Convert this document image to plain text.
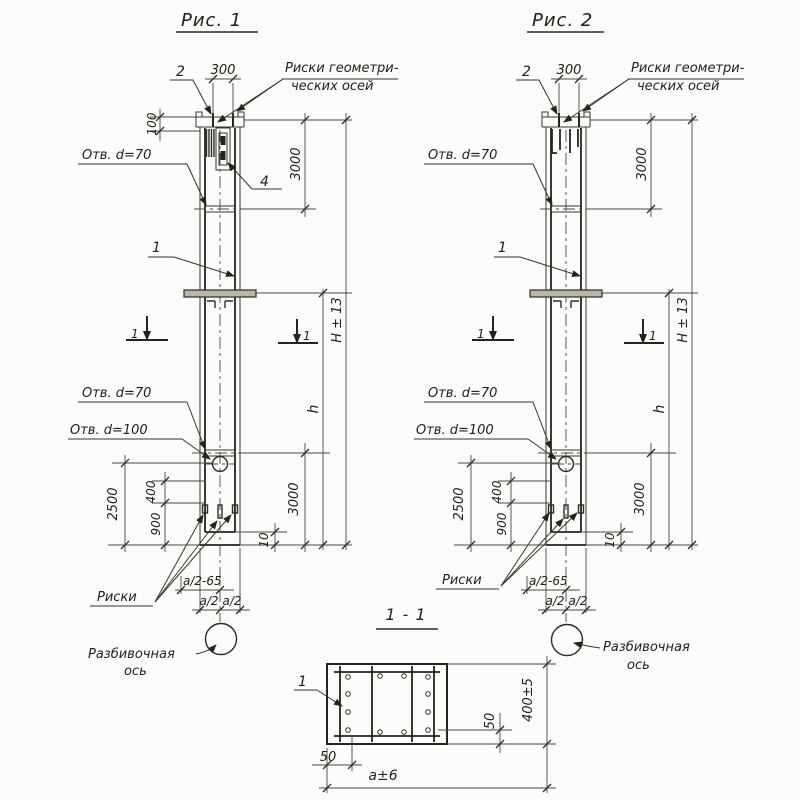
Рис. 1
2 300	Риски геометри-
ческих осей
100
Отв. d=70	3000
4
1
1	1 H ± 13
h
Отв. d=70
Отв. d=100
2500 400
900
3000
10
Риски
a/2-65
a/2 a/2
Разбивочная
ось
Рис. 2
2 300	Риски геометри-
ческих осей
Отв. d=70	3000
1
1	1 H ± 13
h
Отв. d=70
Отв. d=100
2500 400
900
3000
10
Риски	a/2-65
a/2 a/2
Разбивочная
ось
1 - 1
1
50
50 400±5
a±6
